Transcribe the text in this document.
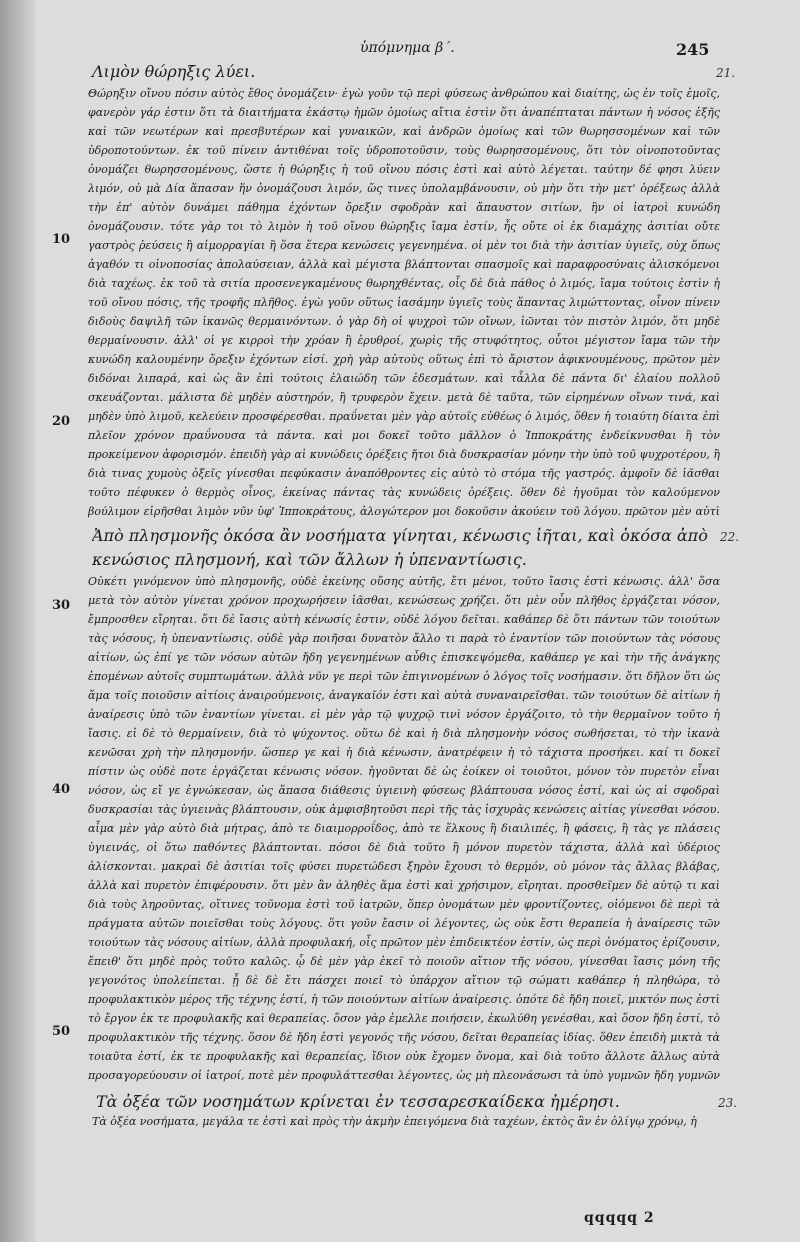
ὑπόμνημα β΄.	245
21.
Λιμὸν θώρηξις λύει.

Θώρηξιν οἴνου πόσιν αὐτὸς ἔθος ὀνομάζειν· ἐγὼ γοῦν τῷ περὶ φύσεως ἀνθρώπου καὶ διαίτης, ὡς ἐν τοῖς ἐμοῖς, φανερὸν γάρ ἐστιν ὅτι τὰ διαιτήματα ἑκάστῳ ἡμῶν ὁμοίως αἴτια ἐστὶν ὅτι ἀναπέπταται πάντων ἡ νόσος ἑξῆς καὶ τῶν νεωτέρων καὶ πρεσβυτέρων καὶ γυναικῶν, καὶ ἀνδρῶν ὁμοίως καὶ τῶν θωρησσομένων καὶ τῶν ὑδροποτούντων. ἐκ τοῦ πίνειν ἀντιθέναι τοῖς ὑδροποτοῦσιν, τοὺς θωρησσομένους, ὅτι τὸν οἰνοποτοῦντας ὀνομάζει θωρησσομένους, ὥστε ἡ θώρηξις ἡ τοῦ οἴνου πόσις ἐστὶ καὶ αὐτὸ λέγεται. ταύτην δέ φησι λύειν λιμόν, οὐ μὰ Δία ἅπασαν ἥν ὀνομάζουσι λιμόν, ὥς τινες ὑπολαμβάνουσιν, οὐ μὴν ὅτι τὴν μετ' ὀρέξεως ἀλλὰ τὴν ἐπ' αὐτὸν δυνάμει πάθημα ἐχόντων ὄρεξιν σφοδρὰν καὶ ἄπαυστον σιτίων, ἣν οἱ ἰατροὶ κυνώδη ὀνομάζουσιν. τότε γὰρ τοι τὸ λιμὸν ἡ τοῦ οἴνου θώρηξις ἴαμα ἐστίν, ἧς οὔτε οἱ ἐκ διαμάχης ἀσιτίαι οὔτε γαστρὸς ῥεύσεις ἢ αἱμορραγίαι ἢ ὅσα ἕτερα κενώσεις γεγενημένα. οἱ μὲν τοι διὰ τὴν ἀσιτίαν ὑγιεῖς, οὐχ ὅπως ἀγαθόν τι οἰνοποσίας ἀπολαύσειαν, ἀλλὰ καὶ μέγιστα βλάπτονται σπασμοῖς καὶ παραφροσύναις ἁλισκόμενοι διὰ ταχέως. ἐκ τοῦ τὰ σιτία προσενεγκαμένους θωρηχθέντας, οἷς δὲ διὰ πάθος ὁ λιμός, ἴαμα τούτοις ἐστὶν ἡ τοῦ οἴνου πόσις, τῆς τροφῆς πλῆθος. ἐγὼ γοῦν οὕτως ἰασάμην ὑγιεῖς τοὺς ἅπαντας λιμώττοντας, οἶνον πίνειν διδοὺς δαψιλῆ τῶν ἱκανῶς θερμαινόντων. ὁ γὰρ δὴ οἱ ψυχροὶ τῶν οἴνων, ἰῶνται τὸν πιστὸν λιμόν, ὅτι μηδὲ θερμαίνουσιν. ἀλλ' οἱ γε κιρροὶ τὴν χρόαν ἢ ἐρυθροί, χωρὶς τῆς στυφότητος, οὗτοι μέγιστον ἴαμα τῶν τὴν κυνώδη καλουμένην ὄρεξιν ἐχόντων εἰσί. χρὴ γὰρ αὐτοὺς οὕτως ἐπὶ τὸ ἄριστον ἀφικνουμένους, πρῶτον μὲν διδόναι λιπαρά, καὶ ὡς ἂν ἐπὶ τούτοις ἐλαιώδη τῶν ἐδεσμάτων. καὶ τἆλλα δὲ πάντα δι' ἐλαίου πολλοῦ σκευάζονται. μάλιστα δὲ μηδὲν αὐστηρόν, ἢ τρυφερὸν ἔχειν. μετὰ δὲ ταῦτα, τῶν εἰρημένων οἴνων τινά, καὶ μηδὲν ὑπὸ λιμοῦ, κελεύειν προσφέρεσθαι. πραΰνεται μὲν γὰρ αὐτοῖς εὐθέως ὁ λιμός, ὅθεν ἡ τοιαύτη δίαιτα ἐπὶ πλεῖον χρόνον πραΰνουσα τὰ πάντα. καὶ μοι δοκεῖ τοῦτο μᾶλλον ὁ Ἱπποκράτης ἐνδείκνυσθαι ἢ τὸν προκείμενον ἀφορισμόν. ἐπειδὴ γὰρ αἱ κυνώδεις ὀρέξεις ἤτοι διὰ δυσκρασίαν μόνην τὴν ὑπὸ τοῦ ψυχροτέρου, ἢ διὰ τινας χυμοὺς ὀξεῖς γίνεσθαι πεφύκασιν ἀναπόθροντες εἰς αὐτὸ τὸ στόμα τῆς γαστρός. ἀμφοῖν δὲ ἰᾶσθαι τοῦτο πέφυκεν ὁ θερμὸς οἶνος, ἐκείνας πάντας τὰς κυνώδεις ὀρέξεις. ὅθεν δὲ ἡγοῦμαι τὸν καλούμενον βούλιμον εἰρῆσθαι λιμὸν νῦν ὑφ' Ἱπποκράτους, ἀλογώτερον μοι δοκοῦσιν ἀκούειν τοῦ λόγου. πρῶτον μὲν αὐτὶ

22.
Ἀπὸ πλησμονῆς ὁκόσα ἂν νοσήματα γίνηται, κένωσις ἰῆται, καὶ ὁκόσα ἀπὸ κενώσιος πλησμονή, καὶ τῶν ἄλλων ἡ ὑπεναντίωσις.

Οὐκέτι γινόμενον ὑπὸ πλησμονῆς, οὐδὲ ἐκείνης οὔσης αὐτῆς, ἔτι μένοι, τοῦτο ἴασις ἐστὶ κένωσις. ἀλλ' ὅσα μετὰ τὸν αὐτὸν γίνεται χρόνον προχωρήσειν ἰᾶσθαι, κενώσεως χρήζει. ὅτι μὲν οὖν πλῆθος ἐργάζεται νόσον, ἔμπροσθεν εἴρηται. ὅτι δὲ ἴασις αὐτὴ κένωσίς ἐστιν, οὐδὲ λόγου δεῖται. καθάπερ δὲ ὅτι πάντων τῶν τοιούτων τὰς νόσους, ἡ ὑπεναντίωσις. οὐδὲ γὰρ ποιῆσαι δυνατὸν ἄλλο τι παρὰ τὸ ἐναντίον τῶν ποιούντων τὰς νόσους αἰτίων, ὡς ἐπί γε τῶν νόσων αὐτῶν ἤδη γεγενημένων αὖθις ἐπισκεψόμεθα, καθάπερ γε καὶ τὴν τῆς ἀνάγκης ἑπομένων αὐτοῖς συμπτωμάτων. ἀλλὰ νῦν γε περὶ τῶν ἐπιγινομένων ὁ λόγος τοῖς νοσήμασιν. ὅτι δῆλον ὅτι ὡς ἅμα τοῖς ποιοῦσιν αἰτίοις ἀναιρούμενοις, ἀναγκαῖόν ἐστι καὶ αὐτὰ συναναιρεῖσθαι. τῶν τοιούτων δὲ αἰτίων ἡ ἀναίρεσις ὑπὸ τῶν ἐναντίων γίνεται. εἰ μὲν γὰρ τῷ ψυχρῷ τινὶ νόσον ἐργάζοιτο, τὸ τὴν θερμαῖνον τοῦτο ἡ ἴασις. εἰ δὲ τὸ θερμαίνειν, διὰ τὸ ψύχοντος. οὕτω δὲ καὶ ἡ διὰ πλησμονὴν νόσος σωθήσεται, τὸ τὴν ἱκανὰ κενῶσαι χρὴ τὴν πλησμονήν. ὥσπερ γε καὶ ἡ διὰ κένωσιν, ἀνατρέφειν ἡ τὸ τάχιστα προσήκει. καί τι δοκεῖ πίστιν ὡς οὐδὲ ποτε ἐργάζεται κένωσις νόσον. ἡγοῦνται δὲ ὡς ἐοίκεν οἱ τοιοῦτοι, μόνον τὸν πυρετὸν εἶναι νόσον, ὡς εἴ γε ἐγνώκεσαν, ὡς ἅπασα διάθεσις ὑγιεινὴ φύσεως βλάπτουσα νόσος ἐστί, καὶ ὡς αἱ σφοδραὶ δυσκρασίαι τὰς ὑγιεινὰς βλάπτουσιν, οὐκ ἀμφισβητοῦσι περὶ τῆς τὰς ἰσχυρὰς κενώσεις αἰτίας γίνεσθαι νόσου. αἷμα μὲν γὰρ αὐτὸ διὰ μήτρας, ἀπὸ τε διαιμορροΐδος, ἀπὸ τε ἕλκους ἢ διαιλιπές, ἢ φάσεις, ἢ τὰς γε πλάσεις ὑγιεινάς, οἱ ὅτω παθόντες βλάπτονται. πόσοι δὲ διὰ τοῦτο ἢ μόνον πυρετὸν τάχιστα, ἀλλὰ καὶ ὑδέριος ἁλίσκονται. μακραὶ δὲ ἀσιτίαι τοῖς φύσει πυρετώδεσι ξηρὸν ἔχουσι τὸ θερμόν, οὐ μόνον τὰς ἄλλας βλάβας, ἀλλὰ καὶ πυρετὸν ἐπιφέρουσιν. ὅτι μὲν ἂν ἀληθὲς ἅμα ἐστὶ καὶ χρήσιμον, εἴρηται. προσθεῖμεν δὲ αὐτῷ τι καὶ διὰ τοὺς ληροῦντας, οἵτινες τοῦνομα ἐστὶ τοῦ ἰατρῶν, ὅπερ ὀνομάτων μὲν φροντίζοντες, οἰόμενοι δὲ περὶ τὰ πράγματα αὐτῶν ποιεῖσθαι τοὺς λόγους. ὅτι γοῦν ἔασιν οἱ λέγοντες, ὡς οὐκ ἔστι θεραπεία ἡ ἀναίρεσις τῶν τοιούτων τὰς νόσους αἰτίων, ἀλλὰ προφυλακή, οἷς πρῶτον μὲν ἐπιδεικτέον ἐστίν, ὡς περὶ ὀνόματος ἐρίζουσιν, ἔπειθ' ὅτι μηδὲ πρὸς τοῦτο καλῶς. ᾧ δὲ μὲν γὰρ ἐκεῖ τὸ ποιοῦν αἴτιον τῆς νόσου, γίνεσθαι ἴασις μόνη τῆς γεγονότος ὑπολείπεται. ᾗ δὲ δὲ ἔτι πάσχει ποιεῖ τὸ ὑπάρχον αἴτιον τῷ σώματι καθάπερ ἡ πληθώρα, τὸ προφυλακτικὸν μέρος τῆς τέχνης ἐστί, ἡ τῶν ποιούντων αἰτίων ἀναίρεσις. ὁπότε δὲ ἤδη ποιεῖ, μικτόν πως ἐστὶ τὸ ἔργον ἐκ τε προφυλακῆς καὶ θεραπείας. ὅσον γὰρ ἐμελλε ποιήσειν, ἐκωλύθη γενέσθαι, καὶ ὅσον ἤδη ἐστί, τὸ προφυλακτικὸν τῆς τέχνης. ὅσον δὲ ἤδη ἐστὶ γεγονός τῆς νόσου, δεῖται θεραπείας ἰδίας. ὅθεν ἐπειδὴ μικτὰ τὰ τοιαῦτα ἐστί, ἐκ τε προφυλακῆς καὶ θεραπείας, ἴδιον οὐκ ἔχομεν ὄνομα, καὶ διὰ τοῦτο ἄλλοτε ἄλλως αὐτὰ προσαγορεύουσιν οἱ ἰατροί, ποτὲ μὲν προφυλάττεσθαι λέγοντες, ὡς μὴ πλεονάσωσι τὰ ὑπὸ γυμνῶν ἤδη γυμνῶν

23.
Τὰ ὀξέα τῶν νοσημάτων κρίνεται ἐν τεσσαρεσκαίδεκα ἡμέρησι.

Τὰ ὀξέα νοσήματα, μεγάλα τε ἐστὶ καὶ πρὸς τὴν ἀκμὴν ἐπειγόμενα διὰ ταχέων, ἐκτὸς ἂν ἐν ὀλίγῳ χρόνῳ, ἡ

10
20
30
40
50
qqqqq 2
